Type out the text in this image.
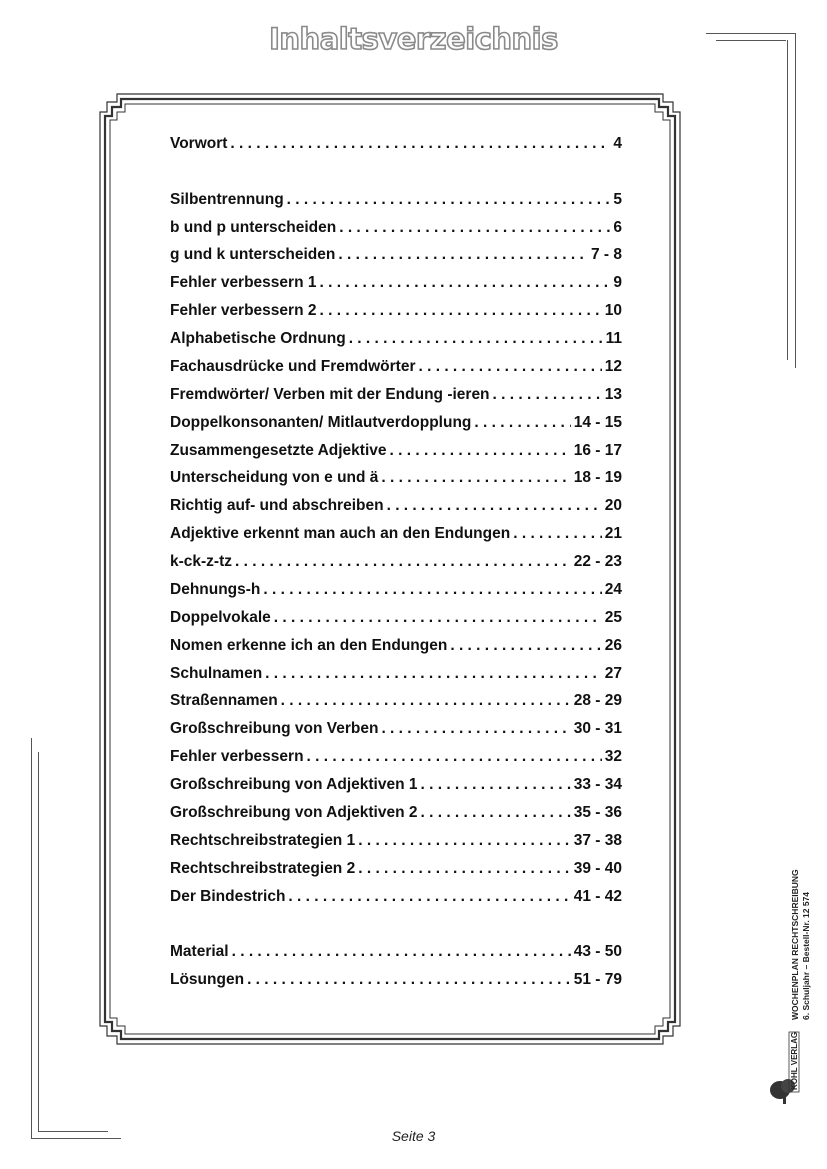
Inhaltsverzeichnis
Vorwort . . .	4
Silbentrennung . . .	5
b und p unterscheiden . . .	6
g und k unterscheiden . . .	7 - 8
Fehler verbessern 1 . . .	9
Fehler verbessern 2 . . .	10
Alphabetische Ordnung . . .	11
Fachausdrücke und Fremdwörter . . .	12
Fremdwörter/ Verben mit der Endung -ieren . . .	13
Doppelkonsonanten/ Mitlautverdopplung . . .	14 - 15
Zusammengesetzte Adjektive . . .	16 - 17
Unterscheidung von e und ä . . .	18 - 19
Richtig auf- und abschreiben . . .	20
Adjektive erkennt man auch an den Endungen . . .	21
k-ck-z-tz . . .	22 - 23
Dehnungs-h . . .	24
Doppelvokale . . .	25
Nomen erkenne ich an den Endungen . . .	26
Schulnamen . . .	27
Straßennamen . . .	28 - 29
Großschreibung von Verben . . .	30 - 31
Fehler verbessern . . .	32
Großschreibung von Adjektiven 1 . . .	33 - 34
Großschreibung von Adjektiven 2 . . .	35 - 36
Rechtschreibstrategien 1 . . .	37 - 38
Rechtschreibstrategien 2 . . .	39 - 40
Der Bindestrich . . .	41 - 42
Material . . .	43 - 50
Lösungen . . .	51 - 79	WOCHENPLAN RECHTSCHREIBUNG 6. Schuljahr – Bestell-Nr. 12 574
KOHL VERLAG
Seite 3
